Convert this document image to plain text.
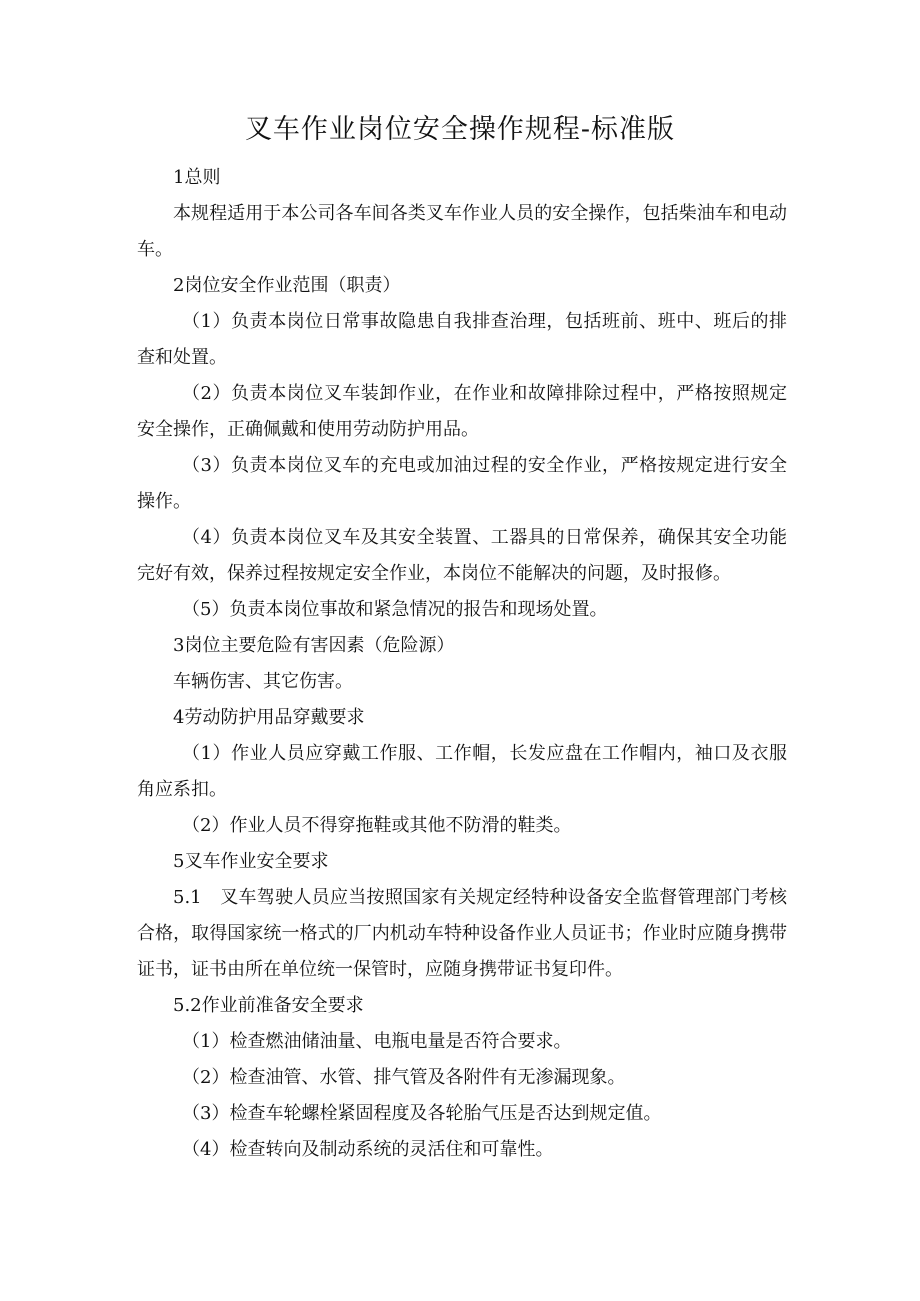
叉车作业岗位安全操作规程-标准版

1总则

本规程适用于本公司各车间各类叉车作业人员的安全操作，包括柴油车和电动车。

2岗位安全作业范围（职责）

（1）负责本岗位日常事故隐患自我排查治理，包括班前、班中、班后的排查和处置。

（2）负责本岗位叉车装卸作业，在作业和故障排除过程中，严格按照规定安全操作，正确佩戴和使用劳动防护用品。

（3）负责本岗位叉车的充电或加油过程的安全作业，严格按规定进行安全操作。

（4）负责本岗位叉车及其安全装置、工器具的日常保养，确保其安全功能完好有效，保养过程按规定安全作业，本岗位不能解决的问题，及时报修。

（5）负责本岗位事故和紧急情况的报告和现场处置。

3岗位主要危险有害因素（危险源）

车辆伤害、其它伤害。

4劳动防护用品穿戴要求

（1）作业人员应穿戴工作服、工作帽，长发应盘在工作帽内，袖口及衣服角应系扣。

（2）作业人员不得穿拖鞋或其他不防滑的鞋类。

5叉车作业安全要求

5.1　叉车驾驶人员应当按照国家有关规定经特种设备安全监督管理部门考核合格，取得国家统一格式的厂内机动车特种设备作业人员证书；作业时应随身携带证书，证书由所在单位统一保管时，应随身携带证书复印件。

5.2作业前准备安全要求

（1）检查燃油储油量、电瓶电量是否符合要求。

（2）检查油管、水管、排气管及各附件有无渗漏现象。

（3）检查车轮螺栓紧固程度及各轮胎气压是否达到规定值。

（4）检查转向及制动系统的灵活住和可靠性。
